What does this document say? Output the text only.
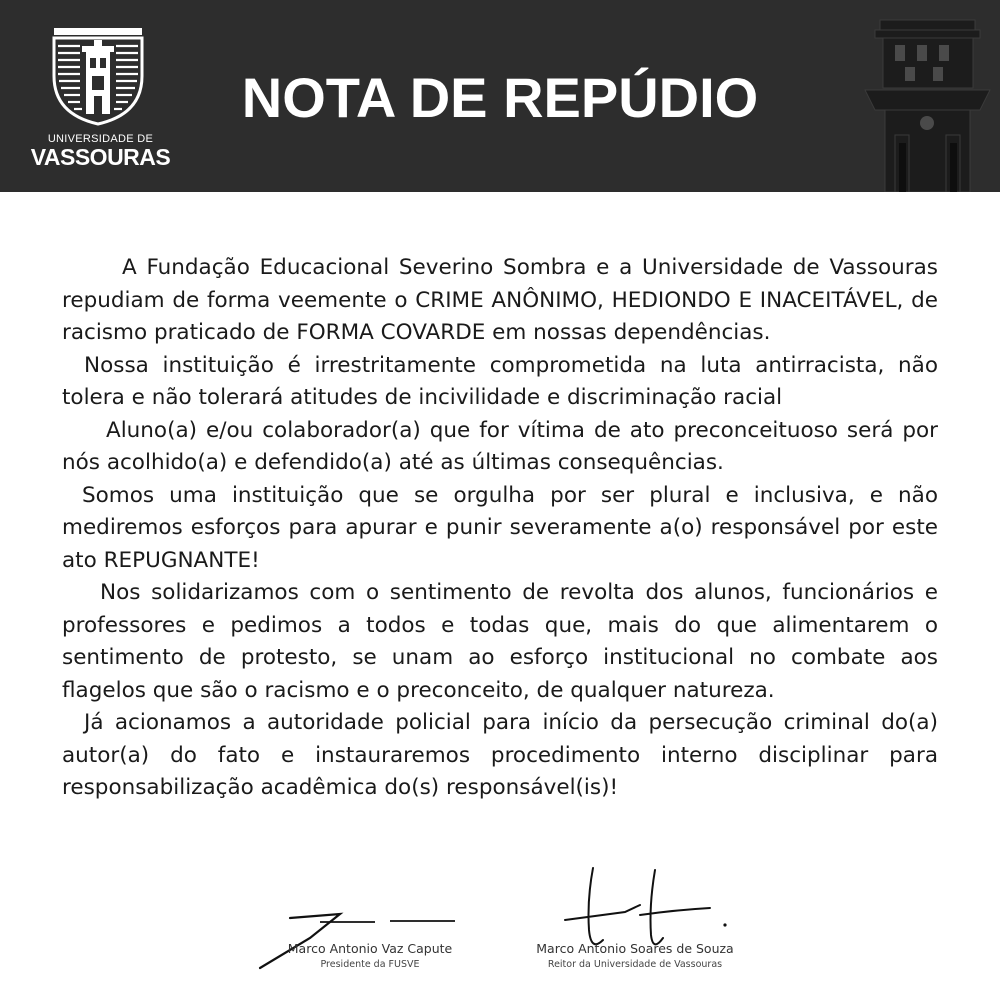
UNIVERSIDADE DE
VASSOURAS
NOTA DE REPÚDIO

A Fundação Educacional Severino Sombra e a Universidade de Vassouras repudiam de forma veemente o CRIME ANÔNIMO, HEDIONDO E INACEITÁVEL, de racismo praticado de FORMA COVARDE em nossas dependências.

Nossa instituição é irrestritamente comprometida na luta antirracista, não tolera e não tolerará atitudes de incivilidade e discriminação racial

Aluno(a) e/ou colaborador(a) que for vítima de ato preconceituoso será por nós acolhido(a) e defendido(a) até as últimas consequências.

Somos uma instituição que se orgulha por ser plural e inclusiva, e não mediremos esforços para apurar e punir severamente a(o) responsável por este ato REPUGNANTE!

Nos solidarizamos com o sentimento de revolta dos alunos, funcionários e professores e pedimos a todos e todas que, mais do que alimentarem o sentimento de protesto, se unam ao esforço institucional no combate aos flagelos que são o racismo e o preconceito, de qualquer natureza.

Já acionamos a autoridade policial para início da persecução criminal do(a) autor(a) do fato e instauraremos procedimento interno disciplinar para responsabilização acadêmica do(s) responsável(is)!

Marco Antonio Vaz Capute
Presidente da FUSVE
Marco Antonio Soares de Souza
Reitor da Universidade de Vassouras
